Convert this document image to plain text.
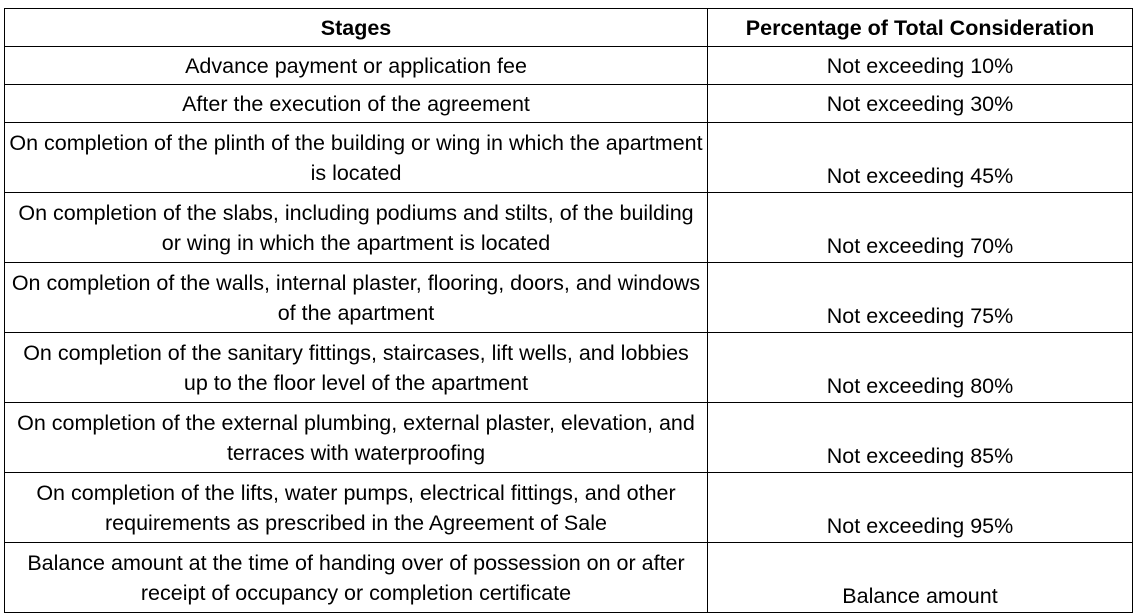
Stages	Percentage of Total Consideration
Advance payment or application fee	Not exceeding 10%
After the execution of the agreement	Not exceeding 30%
On completion of the plinth of the building or wing in which the apartment is located	Not exceeding 45%
On completion of the slabs, including podiums and stilts, of the building or wing in which the apartment is located	Not exceeding 70%
On completion of the walls, internal plaster, flooring, doors, and windows of the apartment	Not exceeding 75%
On completion of the sanitary fittings, staircases, lift wells, and lobbies up to the floor level of the apartment	Not exceeding 80%
On completion of the external plumbing, external plaster, elevation, and terraces with waterproofing	Not exceeding 85%
On completion of the lifts, water pumps, electrical fittings, and other requirements as prescribed in the Agreement of Sale	Not exceeding 95%
Balance amount at the time of handing over of possession on or after receipt of occupancy or completion certificate	Balance amount
